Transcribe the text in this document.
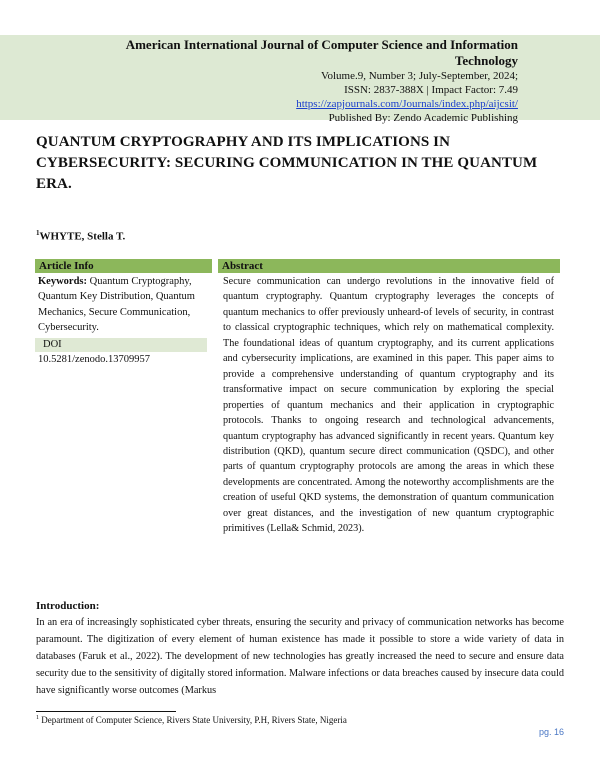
American International Journal of Computer Science and Information Technology
Volume.9, Number 3; July-September, 2024;
ISSN: 2837-388X | Impact Factor: 7.49
https://zapjournals.com/Journals/index.php/aijcsit/
Published By: Zendo Academic Publishing
QUANTUM CRYPTOGRAPHY AND ITS IMPLICATIONS IN CYBERSECURITY: SECURING COMMUNICATION IN THE QUANTUM ERA.
$^1$WHYTE, Stella T.
Article Info	Abstract
Keywords: Quantum Cryptography, Quantum Key Distribution, Quantum Mechanics, Secure Communication, Cybersecurity.
DOI
10.5281/zenodo.13709957
Secure communication can undergo revolutions in the innovative field of quantum cryptography. Quantum cryptography leverages the concepts of quantum mechanics to offer previously unheard-of levels of security, in contrast to classical cryptographic techniques, which rely on mathematical complexity. The foundational ideas of quantum cryptography, and its current applications and cybersecurity implications, are examined in this paper. This paper aims to provide a comprehensive understanding of quantum cryptography and its transformative impact on secure communication by exploring the special properties of quantum mechanics and their application in cryptographic protocols. Thanks to ongoing research and technological advancements, quantum cryptography has advanced significantly in recent years. Quantum key distribution (QKD), quantum secure direct communication (QSDC), and other parts of quantum cryptography protocols are among the areas in which these developments are concentrated. Among the noteworthy accomplishments are the creation of useful QKD systems, the demonstration of quantum communication over great distances, and the investigation of new quantum cryptographic primitives (Lella& Schmid, 2023).
Introduction:
In an era of increasingly sophisticated cyber threats, ensuring the security and privacy of communication networks has become paramount. The digitization of every element of human existence has made it possible to store a wide variety of data in databases (Faruk et al., 2022). The development of new technologies has greatly increased the need to secure and ensure data security due to the sensitivity of digitally stored information. Malware infections or data breaches caused by insecure data could have significantly worse outcomes (Markus
$^1$ Department of Computer Science, Rivers State University, P.H, Rivers State, Nigeria
pg. 16
